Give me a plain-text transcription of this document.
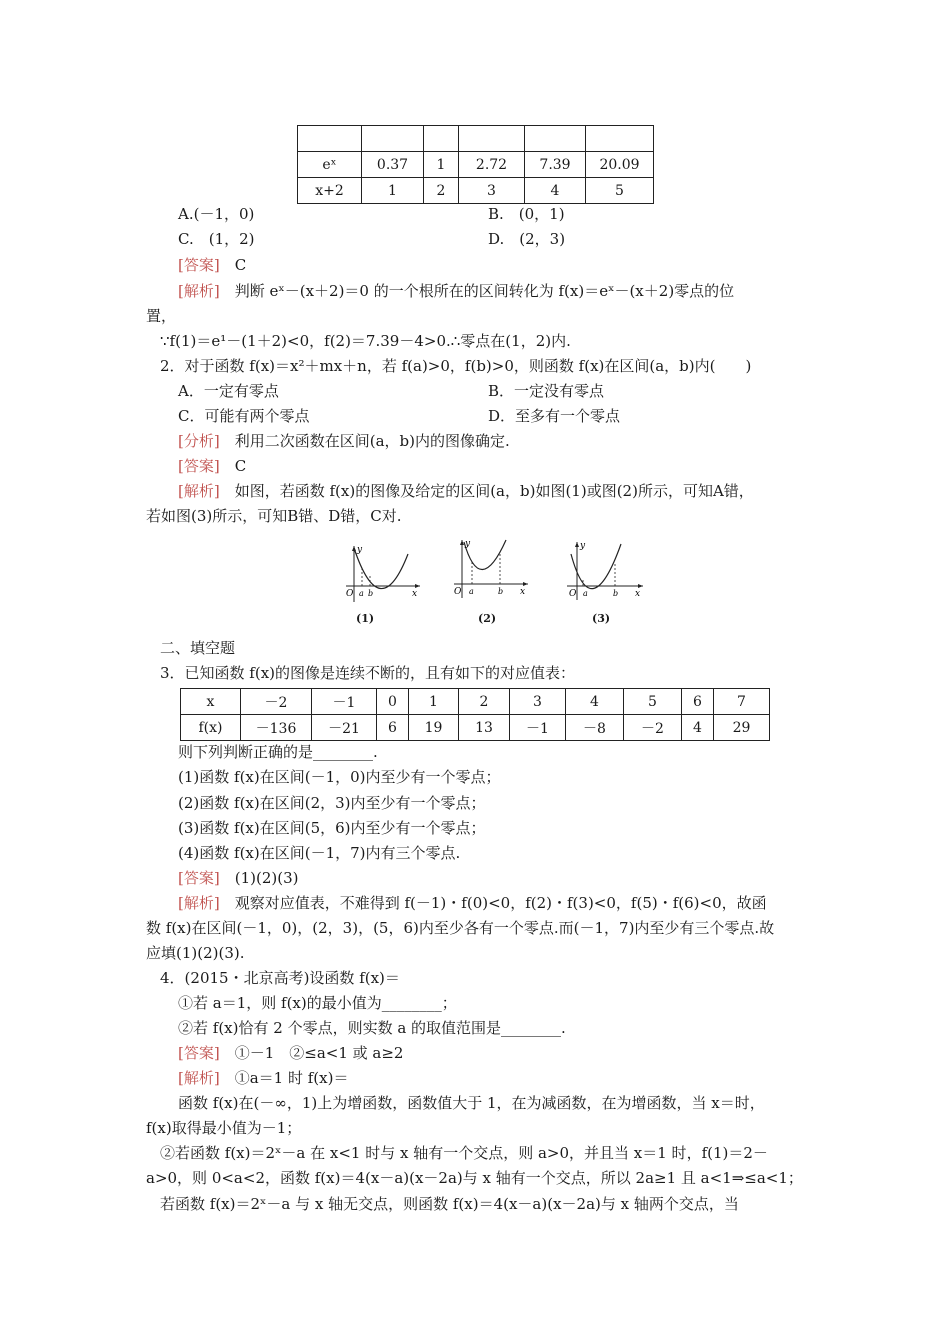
eˣ	0.37	1	2.72	7.39	20.09
x+2	1	2	3	4	5
A.(－1，0)	B.　(0，1)
C.　(1，2)	D.　(2，3)
[答案]　C
[解析]　判断 eˣ－(x＋2)＝0 的一个根所在的区间转化为 f(x)＝eˣ－(x＋2)零点的位
置，
∵f(1)＝e¹－(1＋2)<0，f(2)＝7.39－4>0.∴零点在(1，2)内.
2．对于函数 f(x)＝x²＋mx＋n，若 f(a)>0，f(b)>0，则函数 f(x)在区间(a，b)内(　　)
A．一定有零点	B．一定没有零点
C．可能有两个零点	D．至多有一个零点
[分析]　利用二次函数在区间(a，b)内的图像确定.
[答案]　C
[解析]　如图，若函数 f(x)的图像及给定的区间(a，b)如图(1)或图(2)所示，可知A错，
若如图(3)所示，可知B错、D错，C对.
y
x
O a b
(1)
y
x
O a	b
(2)
y
x
O a	b
(3)
二、填空题
3．已知函数 f(x)的图像是连续不断的，且有如下的对应值表：
x	－2	－1	0	1	2	3	4	5	6	7
f(x)	－136	－21	6	19	13	－1	－8	－2	4	29
则下列判断正确的是________.
(1)函数 f(x)在区间(－1，0)内至少有一个零点；
(2)函数 f(x)在区间(2，3)内至少有一个零点；
(3)函数 f(x)在区间(5，6)内至少有一个零点；
(4)函数 f(x)在区间(－1，7)内有三个零点.
[答案]　(1)(2)(3)
[解析]　观察对应值表，不难得到 f(－1)・f(0)<0，f(2)・f(3)<0，f(5)・f(6)<0，故函
数 f(x)在区间(－1，0)，(2，3)，(5，6)内至少各有一个零点.而(－1，7)内至少有三个零点.故
应填(1)(2)(3).
4．(2015・北京高考)设函数 f(x)＝
①若 a＝1，则 f(x)的最小值为________；
②若 f(x)恰有 2 个零点，则实数 a 的取值范围是________.
[答案]　①－1　②≤a<1 或 a≥2
[解析]　①a＝1 时 f(x)＝
函数 f(x)在(－∞，1)上为增函数，函数值大于 1，在为减函数，在为增函数，当 x＝时，
f(x)取得最小值为－1；
②若函数 f(x)＝2ˣ－a 在 x<1 时与 x 轴有一个交点，则 a>0，并且当 x＝1 时，f(1)＝2－
a>0，则 0<a<2，函数 f(x)＝4(x－a)(x－2a)与 x 轴有一个交点，所以 2a≥1 且 a<1⇒≤a<1；
若函数 f(x)＝2ˣ－a 与 x 轴无交点，则函数 f(x)＝4(x－a)(x－2a)与 x 轴两个交点，当
